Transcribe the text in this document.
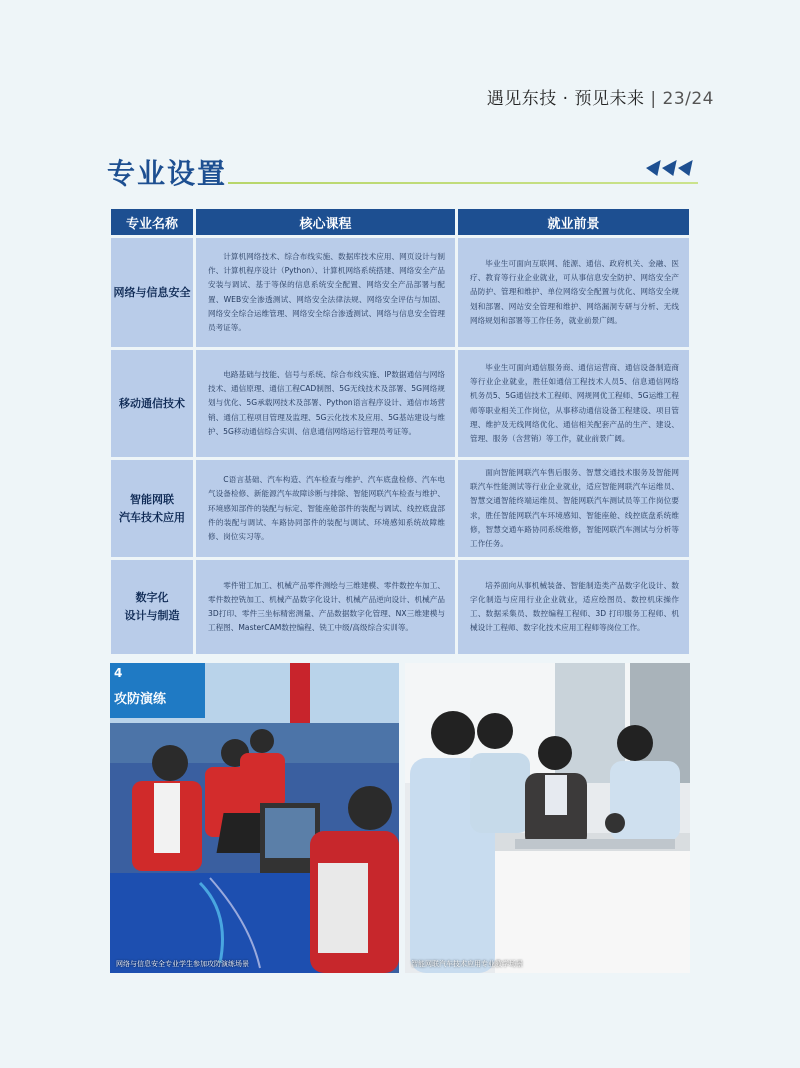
遇见东技 · 预见未来 | 23/24
专业设置
专业名称	核心课程	就业前景
网络与信息安全	计算机网络技术、综合布线实施、数据库技术应用、网页设计与制作、计算机程序设计（Python）、计算机网络系统搭建、网络安全产品安装与调试、基于等保的信息系统安全配置、网络安全产品部署与配置、WEB安全渗透测试、网络安全法律法规、网络安全评估与加固、网络安全综合运维管理、网络安全综合渗透测试、网络与信息安全管理员考证等。	毕业生可面向互联网、能源、通信、政府机关、金融、医疗、教育等行业企业就业，可从事信息安全防护、网络安全产品防护、管理和维护、单位网络安全配置与优化、网络安全规划和部署、网站安全管理和维护、网络漏洞专研与分析、无线网络规划和部署等工作任务，就业前景广阔。

移动通信技术	电路基础与技能、信号与系统、综合布线实施、IP数据通信与网络技术、通信原理、通信工程CAD制图、5G无线技术及部署、5G网络规划与优化、5G承载网技术及部署、Python语言程序设计、通信市场营销、通信工程项目管理及监理、5G云化技术及应用、5G基站建设与维护、5G移动通信综合实训、信息通信网络运行管理员考证等。	毕业生可面向通信服务商、通信运营商、通信设备制造商等行业企业就业，胜任如通信工程技术人员5、信息通信网络机务员5、5G通信技术工程师、网规网优工程师、5G运维工程师等职业相关工作岗位，从事移动通信设备工程建设、项目管理、维护及无线网络优化、通信相关配套产品的生产、建设、管理、服务（含营销）等工作，就业前景广阔。

智能网联
汽车技术应用	C语言基础、汽车构造、汽车检查与维护、汽车底盘检修、汽车电气设备检修、新能源汽车故障诊断与排除、智能网联汽车检查与维护、环境感知部件的装配与标定、智能座舱部件的装配与调试、线控底盘部件的装配与调试、车路协同部件的装配与调试、环境感知系统故障维修、岗位实习等。	面向智能网联汽车售后服务、智慧交通技术服务及智能网联汽车性能测试等行业企业就业，适应智能网联汽车运维员、智慧交通智能终端运维员、智能网联汽车测试员等工作岗位要求，胜任智能网联汽车环境感知、智能座舱、线控底盘系统维修，智慧交通车路协同系统维修，智能网联汽车测试与分析等工作任务。

数字化
设计与制造	零件钳工加工、机械产品零件测绘与三维建模、零件数控车加工、零件数控铣加工、机械产品数字化设计、机械产品逆向设计、机械产品3D打印、零件三坐标精密测量、产品数据数字化管理、NX三维建模与工程图、MasterCAM数控编程、铣工中级/高级综合实训等。	培养面向从事机械装备、智能制造类产品数字化设计、数字化制造与应用行业企业就业，适应绘图员、数控机床操作工、数据采集员、数控编程工程师、3D 打印服务工程师、机械设计工程师、数字化技术应用工程师等岗位工作。

4
攻防演练
网络与信息安全专业学生参加攻防演练场景	智能网联汽车技术应用专业教学场景
